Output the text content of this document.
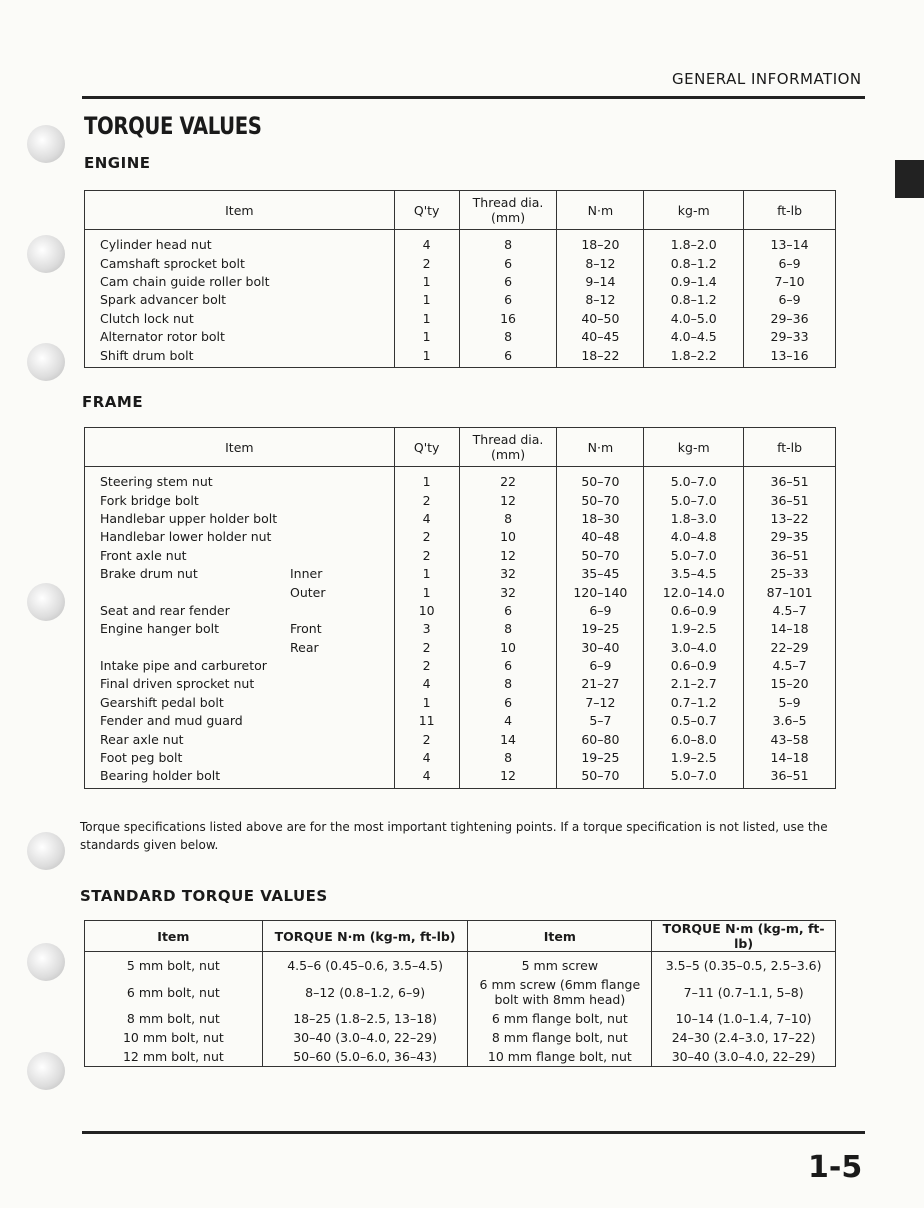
GENERAL INFORMATION
TORQUE VALUES
ENGINE
Item	Q'ty	Thread dia. (mm)	N·m	kg-m	ft-lb
Cylinder head nut	4	8	18–20	1.8–2.0	13–14
Camshaft sprocket bolt	2	6	8–12	0.8–1.2	6–9
Cam chain guide roller bolt	1	6	9–14	0.9–1.4	7–10
Spark advancer bolt	1	6	8–12	0.8–1.2	6–9
Clutch lock nut	1	16	40–50	4.0–5.0	29–36
Alternator rotor bolt	1	8	40–45	4.0–4.5	29–33
Shift drum bolt	1	6	18–22	1.8–2.2	13–16
FRAME
Item	Q'ty	Thread dia. (mm)	N·m	kg-m	ft-lb
Steering stem nut	1	22	50–70	5.0–7.0	36–51
Fork bridge bolt	2	12	50–70	5.0–7.0	36–51
Handlebar upper holder bolt	4	8	18–30	1.8–3.0	13–22
Handlebar lower holder nut	2	10	40–48	4.0–4.8	29–35
Front axle nut	2	12	50–70	5.0–7.0	36–51
Brake drum nut Inner	1	32	35–45	3.5–4.5	25–33
Outer	1	32	120–140	12.0–14.0	87–101
Seat and rear fender	10	6	6–9	0.6–0.9	4.5–7
Engine hanger bolt Front	3	8	19–25	1.9–2.5	14–18
Rear	2	10	30–40	3.0–4.0	22–29
Intake pipe and carburetor	2	6	6–9	0.6–0.9	4.5–7
Final driven sprocket nut	4	8	21–27	2.1–2.7	15–20
Gearshift pedal bolt	1	6	7–12	0.7–1.2	5–9
Fender and mud guard	11	4	5–7	0.5–0.7	3.6–5
Rear axle nut	2	14	60–80	6.0–8.0	43–58
Foot peg bolt	4	8	19–25	1.9–2.5	14–18
Bearing holder bolt	4	12	50–70	5.0–7.0	36–51
Torque specifications listed above are for the most important tightening points. If a torque specification is not listed, use the standards given below.
STANDARD TORQUE VALUES
Item	TORQUE N·m (kg-m, ft-lb)	Item	TORQUE N·m (kg-m, ft-lb)
5 mm bolt, nut	4.5–6 (0.45–0.6, 3.5–4.5)	5 mm screw	3.5–5 (0.35–0.5, 2.5–3.6)
6 mm bolt, nut	8–12 (0.8–1.2, 6–9)	6 mm screw (6mm flange bolt with 8mm head)	7–11 (0.7–1.1, 5–8)
8 mm bolt, nut	18–25 (1.8–2.5, 13–18)	6 mm flange bolt, nut	10–14 (1.0–1.4, 7–10)
10 mm bolt, nut	30–40 (3.0–4.0, 22–29)	8 mm flange bolt, nut	24–30 (2.4–3.0, 17–22)
12 mm bolt, nut	50–60 (5.0–6.0, 36–43)	10 mm flange bolt, nut	30–40 (3.0–4.0, 22–29)
1-5
